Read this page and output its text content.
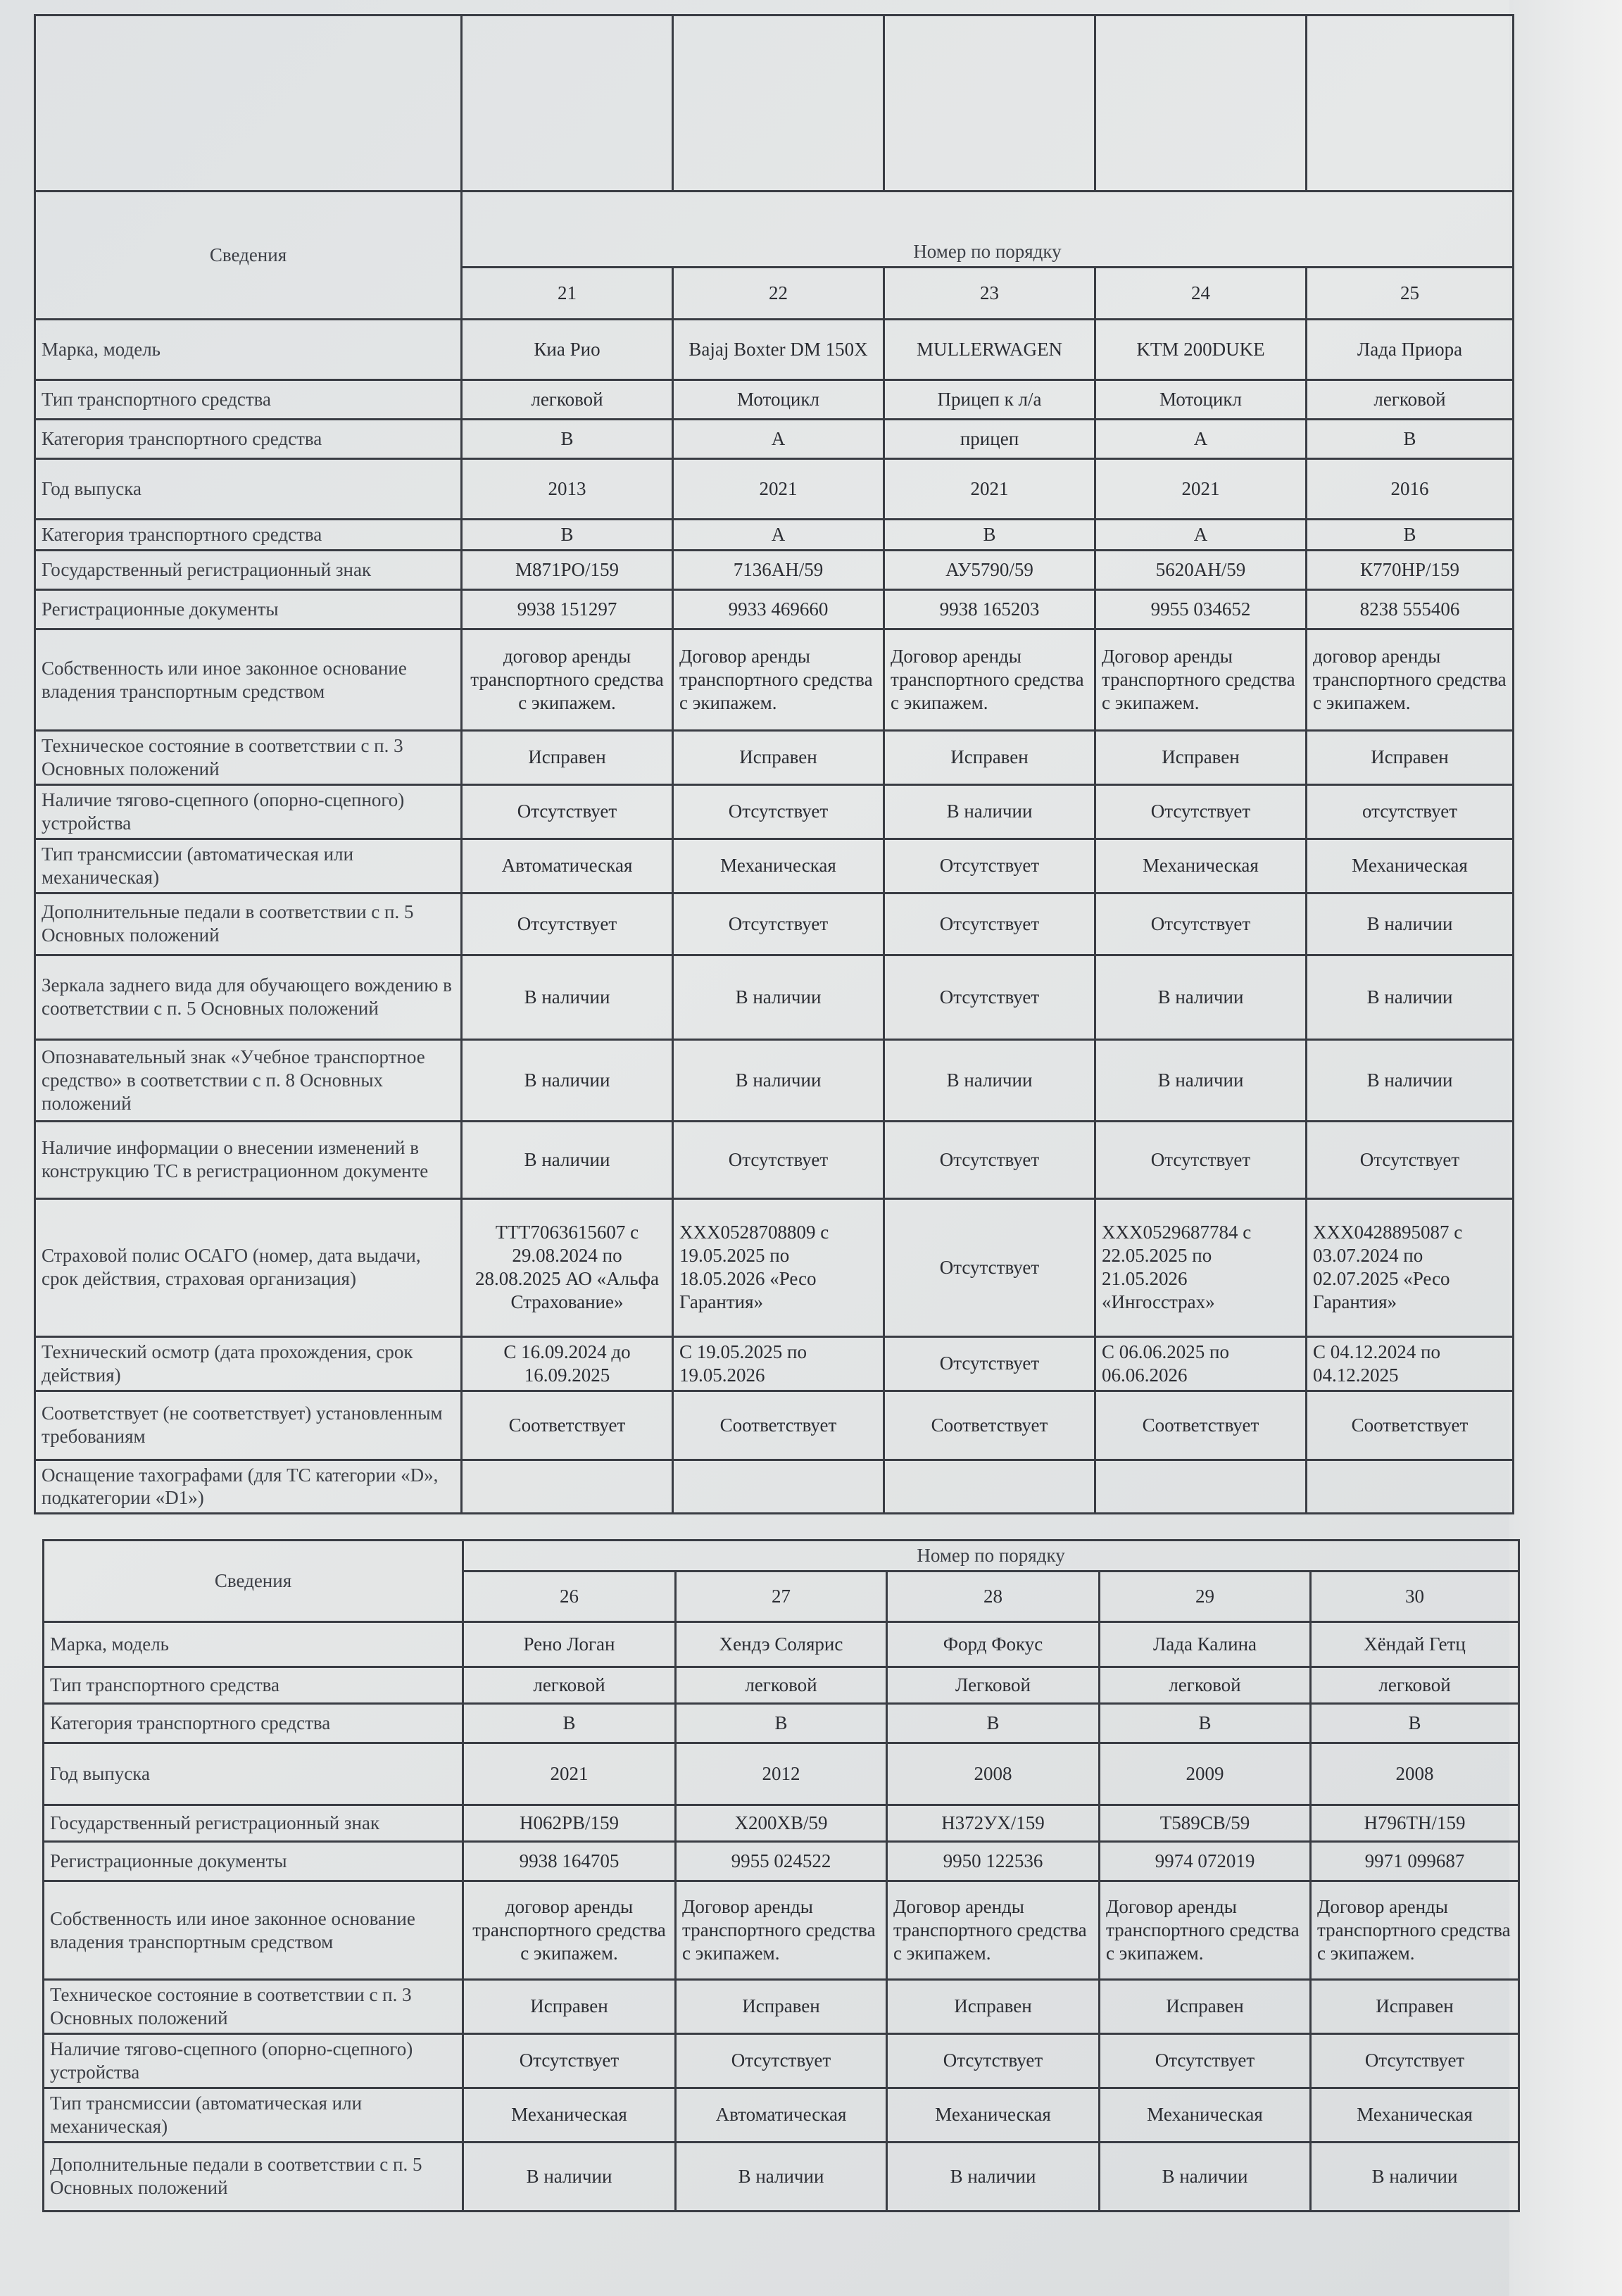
Сведения	Номер по порядку				
	21	22	23	24	25
Марка, модель	Киа Рио	Bajaj Boxter DM 150X	MULLERWAGEN	KTM 200DUKE	Лада Приора
Тип транспортного средства	легковой	Мотоцикл	Прицеп к л/а	Мотоцикл	легковой
Категория транспортного средства	B	A	прицеп	A	B
Год выпуска	2013	2021	2021	2021	2016
Категория транспортного средства	B	A	B	A	B
Государственный регистрационный знак	M871PO/159	7136АН/59	АУ5790/59	5620АН/59	К770НР/159
Регистрационные документы	9938 151297	9933 469660	9938 165203	9955 034652	8238 555406
Собственность или иное законное основание владения транспортным средством	договор аренды транспортного средства с экипажем.	Договор аренды транспортного средства с экипажем.	Договор аренды транспортного средства с экипажем.	Договор аренды транспортного средства с экипажем.	договор аренды транспортного средства с экипажем.
Техническое состояние в соответствии с п. 3 Основных положений	Исправен	Исправен	Исправен	Исправен	Исправен
Наличие тягово-сцепного (опорно-сцепного) устройства	Отсутствует	Отсутствует	В наличии	Отсутствует	отсутствует
Тип трансмиссии (автоматическая или механическая)	Автоматическая	Механическая	Отсутствует	Механическая	Механическая
Дополнительные педали в соответствии с п. 5 Основных положений	Отсутствует	Отсутствует	Отсутствует	Отсутствует	В наличии
Зеркала заднего вида для обучающего вождению в соответствии с п. 5 Основных положений	В наличии	В наличии	Отсутствует	В наличии	В наличии
Опознавательный знак «Учебное транспортное средство» в соответствии с п. 8 Основных положений	В наличии	В наличии	В наличии	В наличии	В наличии
Наличие информации о внесении изменений в конструкцию ТС в регистрационном документе	В наличии	Отсутствует	Отсутствует	Отсутствует	Отсутствует
Страховой полис ОСАГО (номер, дата выдачи, срок действия, страховая организация)	ТТТ7063615607 с 29.08.2024 по 28.08.2025 АО «Альфа Страхование»	XXX0528708809 с 19.05.2025 по 18.05.2026 «Ресо Гарантия»	Отсутствует	XXX0529687784 с 22.05.2025 по 21.05.2026 «Ингосстрах»	XXX0428895087 с 03.07.2024 по 02.07.2025 «Ресо Гарантия»
Технический осмотр (дата прохождения, срок действия)	С 16.09.2024 до 16.09.2025	С 19.05.2025 по 19.05.2026	Отсутствует	С 06.06.2025 по 06.06.2026	С 04.12.2024 по 04.12.2025
Соответствует (не соответствует) установленным требованиям	Соответствует	Соответствует	Соответствует	Соответствует	Соответствует
Оснащение тахографами (для ТС категории «D», подкатегории «D1»)					
Сведения	Номер по порядку				
	26	27	28	29	30
Марка, модель	Рено Логан	Хендэ Солярис	Форд Фокус	Лада Калина	Хёндай Гетц
Тип транспортного средства	легковой	легковой	Легковой	легковой	легковой
Категория транспортного средства	B	B	B	B	B
Год выпуска	2021	2012	2008	2009	2008
Государственный регистрационный знак	Н062РВ/159	Х200ХВ/59	Н372УХ/159	Т589СВ/59	Н796ТН/159
Регистрационные документы	9938 164705	9955 024522	9950 122536	9974 072019	9971 099687
Собственность или иное законное основание владения транспортным средством	договор аренды транспортного средства с экипажем.	Договор аренды транспортного средства с экипажем.	Договор аренды транспортного средства с экипажем.	Договор аренды транспортного средства с экипажем.	Договор аренды транспортного средства с экипажем.
Техническое состояние в соответствии с п. 3 Основных положений	Исправен	Исправен	Исправен	Исправен	Исправен
Наличие тягово-сцепного (опорно-сцепного) устройства	Отсутствует	Отсутствует	Отсутствует	Отсутствует	Отсутствует
Тип трансмиссии (автоматическая или механическая)	Механическая	Автоматическая	Механическая	Механическая	Механическая
Дополнительные педали в соответствии с п. 5 Основных положений	В наличии	В наличии	В наличии	В наличии	В наличии
